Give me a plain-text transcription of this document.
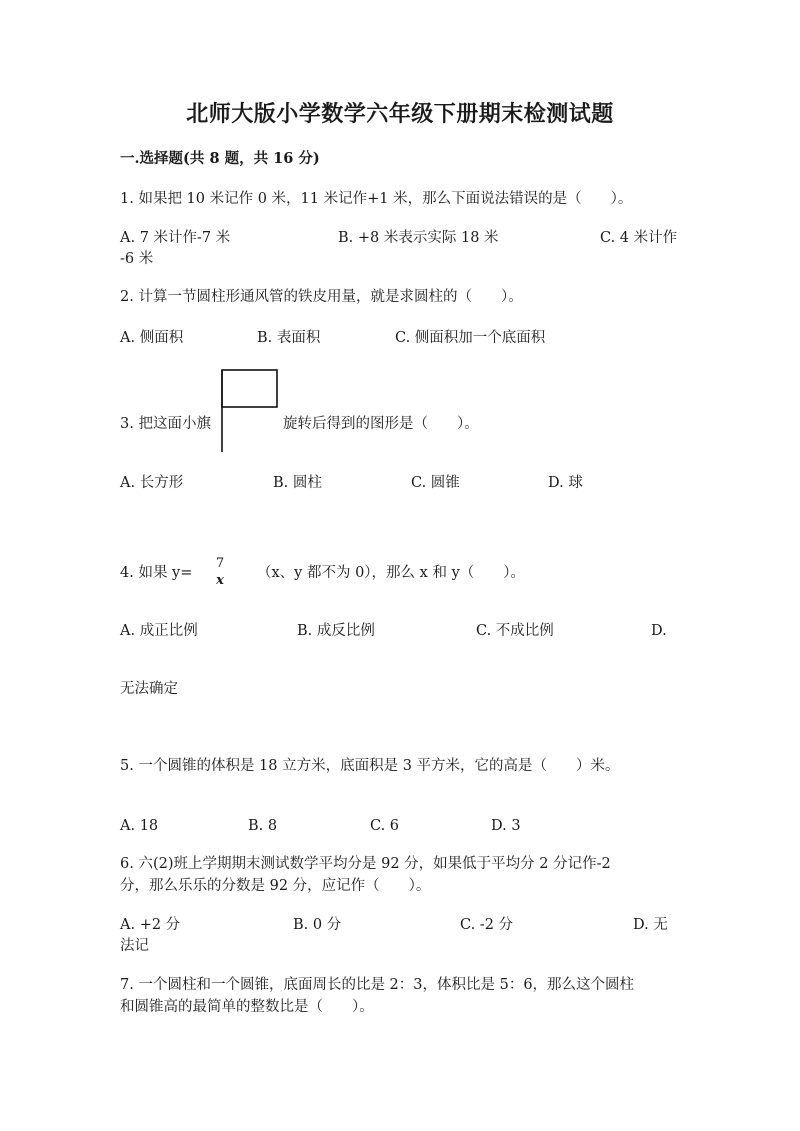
北师大版小学数学六年级下册期末检测试题
一.选择题(共 8 题，共 16 分)
1. 如果把 10 米记作 0 米，11 米记作+1 米，那么下面说法错误的是（　　）。
A. 7 米计作-7 米	B. +8 米表示实际 18 米	C. 4 米计作
-6 米
2. 计算一节圆柱形通风管的铁皮用量，就是求圆柱的（　　）。
A. 侧面积	B. 表面积	C. 侧面积加一个底面积
3. 把这面小旗	旋转后得到的图形是（　　）。
A. 长方形	B. 圆柱	C. 圆锥	D. 球
4. 如果 y=
7
x （x、y 都不为 0），那么 x 和 y（　　）。
A. 成正比例	B. 成反比例	C. 不成比例	D.
无法确定
5. 一个圆锥的体积是 18 立方米，底面积是 3 平方米，它的高是（　　）米。
A. 18	B. 8	C. 6	D. 3
6. 六(2)班上学期期末测试数学平均分是 92 分，如果低于平均分 2 分记作-2
分，那么乐乐的分数是 92 分，应记作（　　）。
A. +2 分	B. 0 分	C. -2 分	D. 无
法记
7. 一个圆柱和一个圆锥，底面周长的比是 2：3，体积比是 5：6，那么这个圆柱
和圆锥高的最简单的整数比是（　　）。
